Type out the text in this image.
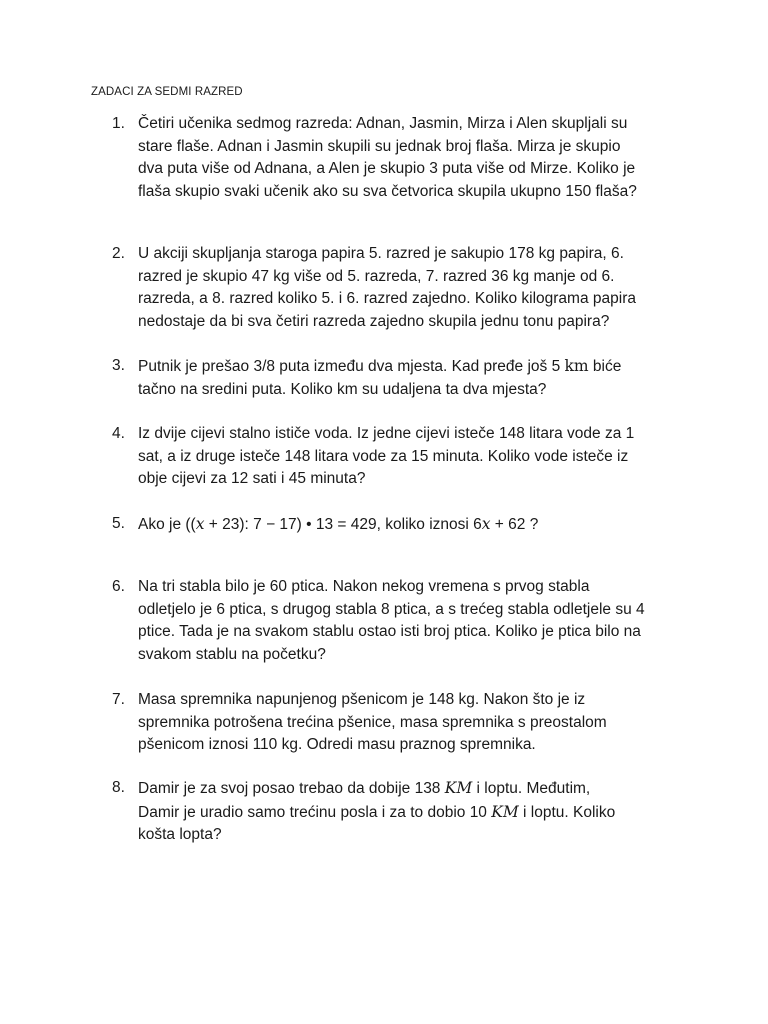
ZADACI ZA SEDMI RAZRED
1. Četiri učenika sedmog razreda: Adnan, Jasmin, Mirza i Alen skupljali su
stare flaše. Adnan i Jasmin skupili su jednak broj flaša. Mirza je skupio
dva puta više od Adnana, a Alen je skupio 3 puta više od Mirze. Koliko je
flaša skupio svaki učenik ako su sva četvorica skupila ukupno 150 flaša?

2. U akciji skupljanja staroga papira 5. razred je sakupio 178 kg papira, 6.
razred je skupio 47 kg više od 5. razreda, 7. razred 36 kg manje od 6.
razreda, a 8. razred koliko 5. i 6. razred zajedno. Koliko kilograma papira
nedostaje da bi sva četiri razreda zajedno skupila jednu tonu papira?

3. Putnik je prešao 3/8 puta između dva mjesta. Kad pređe još 5 km biće
tačno na sredini puta. Koliko km su udaljena ta dva mjesta?

4. Iz dvije cijevi stalno ističe voda. Iz jedne cijevi isteče 148 litara vode za 1
sat, a iz druge isteče 148 litara vode za 15 minuta. Koliko vode isteče iz
obje cijevi za 12 sati i 45 minuta?

5. Ako je ((x + 23): 7 − 17) • 13 = 429, koliko iznosi 6x + 62 ?

6. Na tri stabla bilo je 60 ptica. Nakon nekog vremena s prvog stabla
odletjelo je 6 ptica, s drugog stabla 8 ptica, a s trećeg stabla odletjele su 4
ptice. Tada je na svakom stablu ostao isti broj ptica. Koliko je ptica bilo na
svakom stablu na početku?

7. Masa spremnika napunjenog pšenicom je 148 kg. Nakon što je iz
spremnika potrošena trećina pšenice, masa spremnika s preostalom
pšenicom iznosi 110 kg. Odredi masu praznog spremnika.

8. Damir je za svoj posao trebao da dobije 138 KM i loptu. Međutim,
Damir je uradio samo trećinu posla i za to dobio 10 KM i loptu. Koliko
košta lopta?
